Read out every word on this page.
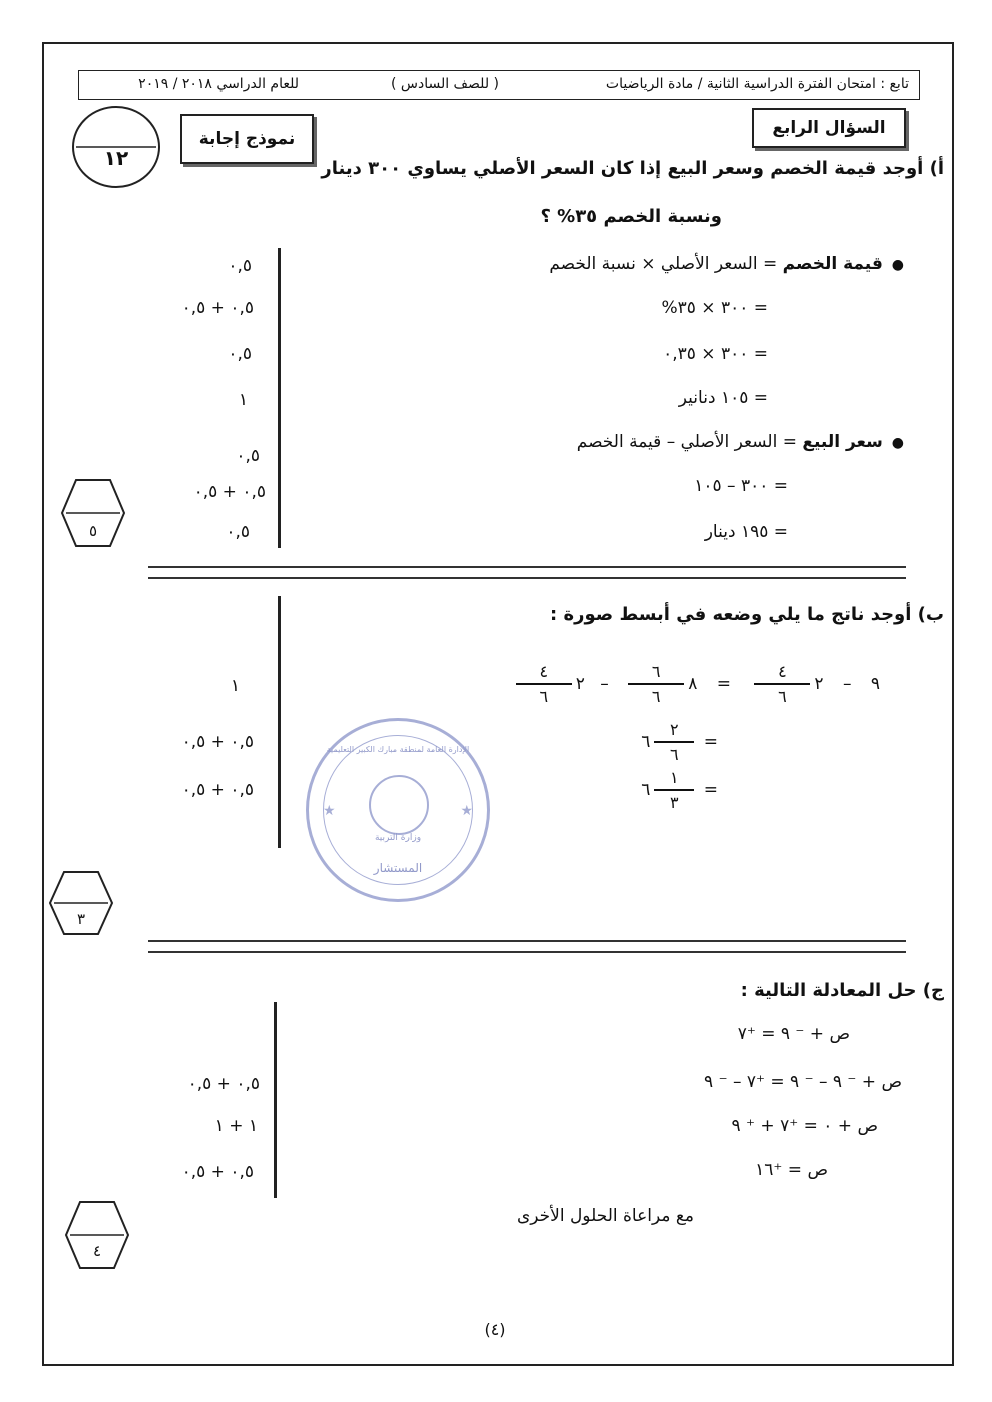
تابع : امتحان الفترة الدراسية الثانية / مادة الرياضيات
( للصف السادس )
للعام الدراسي ٢٠١٨ / ٢٠١٩
١٢
نموذج إجابة
السؤال الرابع
أ) أوجد قيمة الخصم وسعر البيع إذا كان السعر الأصلي يساوي ٣٠٠ دينار
ونسبة الخصم ٣٥% ؟
●  قيمة الخصم = السعر الأصلي × نسبة الخصم
= ٣٠٠ × ٣٥%
= ٣٠٠ × ٠,٣٥
= ١٠٥ دنانير
●  سعر البيع = السعر الأصلي – قيمة الخصم
= ٣٠٠ – ١٠٥
= ١٩٥ دينار
٠,٥
٠,٥ + ٠,٥
٠,٥
١
٠,٥
٠,٥ + ٠,٥
٠,٥
٥
ب) أوجد ناتج ما يلي وضعه في أبسط صورة :
٩ – ٢
$\frac{٤}{٦}$
= ٨
$\frac{٦}{٦}$
– ٢
$\frac{٤}{٦}$
=
$\frac{٢}{٦}$
٦
=
$\frac{١}{٣}$
٦
١
٠,٥ + ٠,٥
٠,٥ + ٠,٥
★	★
الإدارة العامة لمنطقة مبارك الكبير التعليمية
وزارة التربية
المستشار
٣
ج) حل المعادلة التالية :
ص + ⁻ ٩ = ⁺٧
ص + ⁻ ٩ – ⁻ ٩ = ⁺٧ – ⁻ ٩
ص + ٠ = ⁺٧ + ⁺ ٩
ص = ⁺١٦
مع مراعاة الحلول الأخرى
٠,٥ + ٠,٥
١ + ١
٠,٥ + ٠,٥
٤
(٤)
